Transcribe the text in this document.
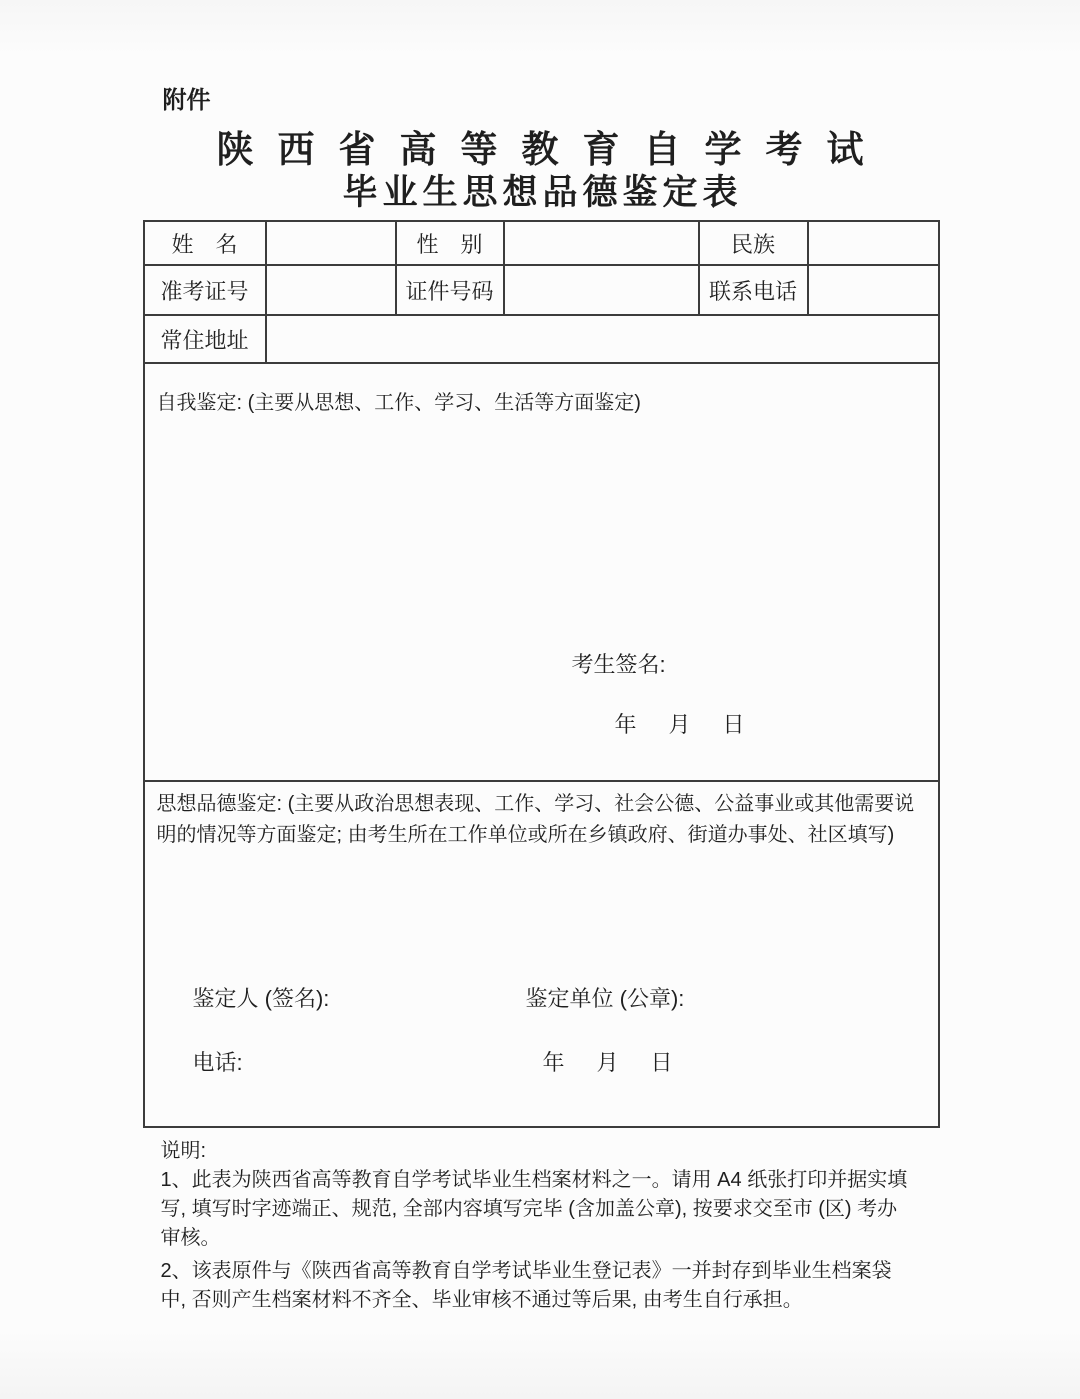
附件
陕西省高等教育自学考试
毕业生思想品德鉴定表
姓　名		性　别		民族	
准考证号		证件号码		联系电话	
常住地址					

自我鉴定: (主要从思想、工作、学习、生活等方面鉴定)
考生签名:
年　月　日					

思想品德鉴定: (主要从政治思想表现、工作、学习、社会公德、公益事业或其他需要说明的情况等方面鉴定; 由考生所在工作单位或所在乡镇政府、街道办事处、社区填写)
鉴定人 (签名): 鉴定单位 (公章):
电话: 年　月　日					

说明:

1、此表为陕西省高等教育自学考试毕业生档案材料之一。请用 A4 纸张打印并据实填写, 填写时字迹端正、规范, 全部内容填写完毕 (含加盖公章), 按要求交至市 (区) 考办审核。

2、该表原件与《陕西省高等教育自学考试毕业生登记表》一并封存到毕业生档案袋中, 否则产生档案材料不齐全、毕业审核不通过等后果, 由考生自行承担。
